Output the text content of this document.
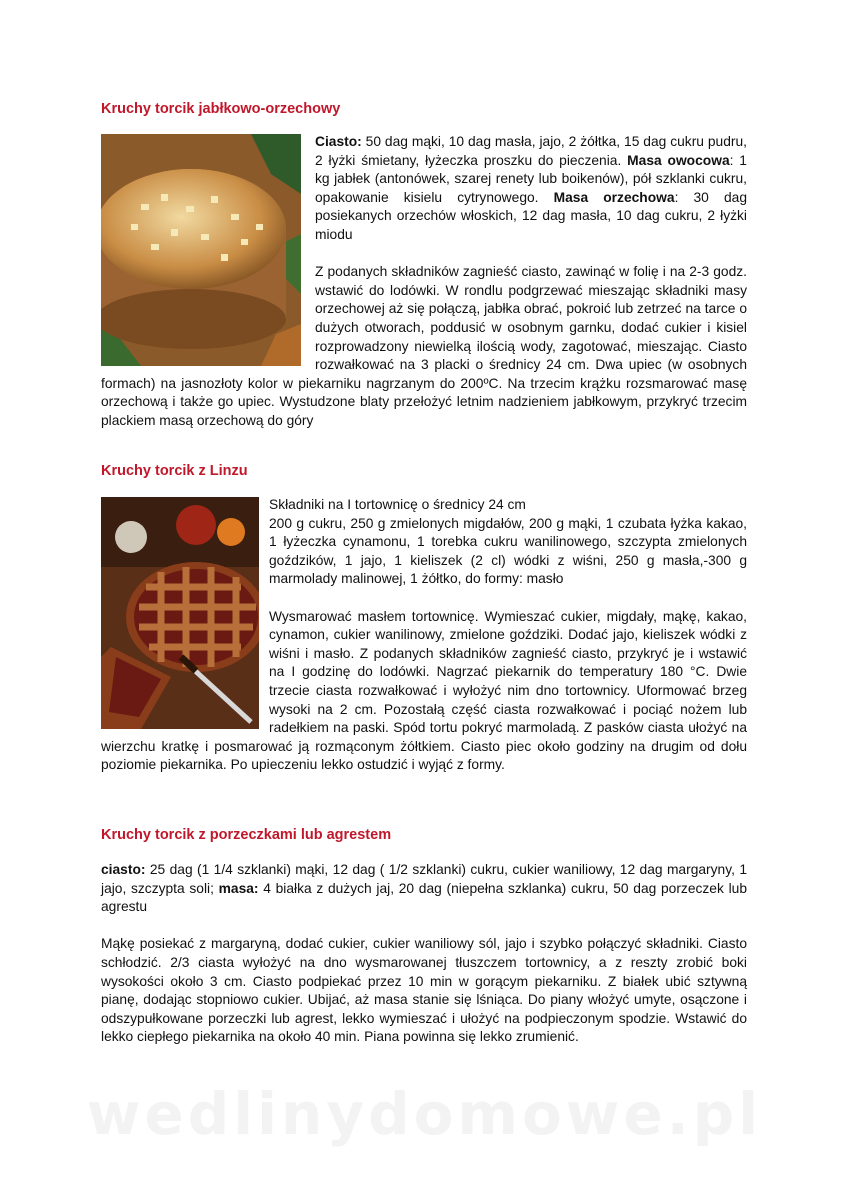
Kruchy torcik jabłkowo-orzechowy

Ciasto: 50 dag mąki, 10 dag masła, jajo, 2 żółtka, 15 dag cukru pudru, 2 łyżki śmietany, łyżeczka proszku do pieczenia. Masa owocowa: 1 kg jabłek (antonówek, szarej renety lub boikenów), pół szklanki cukru, opakowanie kisielu cytrynowego. Masa orzechowa: 30 dag posiekanych orzechów włoskich, 12 dag masła, 10 dag cukru, 2 łyżki miodu

Z podanych składników zagnieść ciasto, zawinąć w folię i na 2-3 godz. wstawić do lodówki. W rondlu podgrzewać mieszając składniki masy orzechowej aż się połączą, jabłka obrać, pokroić lub zetrzeć na tarce o dużych otworach, poddusić w osobnym garnku, dodać cukier i kisiel rozprowadzony niewielką ilością wody, zagotować, mieszając. Ciasto rozwałkować na 3 placki o średnicy 24 cm. Dwa upiec (w osobnych formach) na jasnozłoty kolor w piekarniku nagrzanym do 200ºC. Na trzecim krążku rozsmarować masę orzechową i także go upiec. Wystudzone blaty przełożyć letnim nadzieniem jabłkowym, przykryć trzecim plackiem masą orzechową do góry

Kruchy torcik z Linzu

Składniki na I tortownicę o średnicy 24 cm

200 g cukru, 250 g zmielonych migdałów, 200 g mąki, 1 czubata łyżka kakao, 1 łyżeczka cynamonu, 1 torebka cukru wanilinowego, szczypta zmielonych goździków, 1 jajo, 1 kieliszek (2 cl) wódki z wiśni, 250 g masła,-300 g marmolady malinowej, 1 żółtko, do formy: masło

Wysmarować masłem tortownicę. Wymieszać cukier, migdały, mąkę, kakao, cynamon, cukier wanilinowy, zmielone goździki. Dodać jajo, kieliszek wódki z wiśni i masło. Z podanych składników zagnieść ciasto, przykryć je i wstawić na I godzinę do lodówki. Nagrzać piekarnik do temperatury 180 °C. Dwie trzecie ciasta rozwałkować i wyłożyć nim dno tortownicy. Uformować brzeg wysoki na 2 cm. Pozostałą część ciasta rozwałkować i pociąć nożem lub radełkiem na paski. Spód tortu pokryć marmoladą. Z pasków ciasta ułożyć na wierzchu kratkę i posmarować ją rozmąconym żółtkiem. Ciasto piec około godziny na drugim od dołu poziomie piekarnika. Po upieczeniu lekko ostudzić i wyjąć z formy.

Kruchy torcik z porzeczkami lub agrestem

ciasto: 25 dag (1 1/4 szklanki) mąki, 12 dag ( 1/2 szklanki) cukru, cukier waniliowy, 12 dag margaryny, 1 jajo, szczypta soli; masa: 4 białka z dużych jaj, 20 dag (niepełna szklanka) cukru, 50 dag porzeczek lub agrestu

Mąkę posiekać z margaryną, dodać cukier, cukier waniliowy sól, jajo i szybko połączyć składniki. Ciasto schłodzić. 2/3 ciasta wyłożyć na dno wysmarowanej tłuszczem tortownicy, a z reszty zrobić boki wysokości około 3 cm. Ciasto podpiekać przez 10 min w gorącym piekarniku. Z białek ubić sztywną pianę, dodając stopniowo cukier. Ubijać, aż masa stanie się lśniąca. Do piany włożyć umyte, osączone i odszypułkowane porzeczki lub agrest, lekko wymieszać i ułożyć na podpieczonym spodzie. Wstawić do lekko ciepłego piekarnika na około 40 min. Piana powinna się lekko zrumienić.

wedlinydomowe.pl
